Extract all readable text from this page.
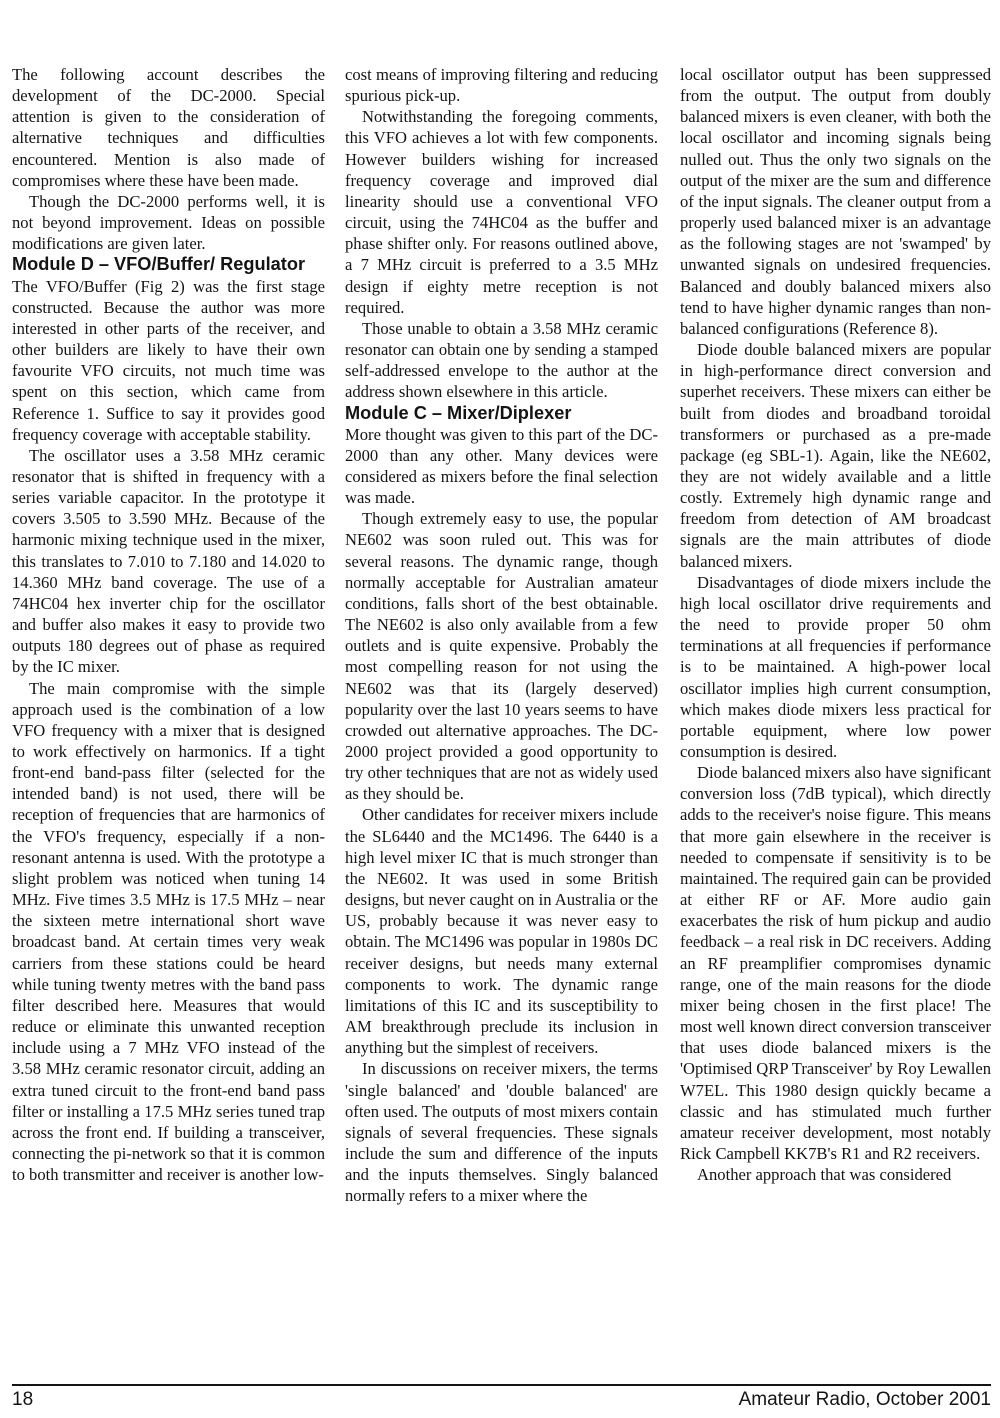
The following account describes the development of the DC-2000. Special attention is given to the consideration of alternative techniques and difficulties encountered. Mention is also made of compromises where these have been made.

Though the DC-2000 performs well, it is not beyond improvement. Ideas on possible modifications are given later.

Module D – VFO/Buffer/ Regulator

The VFO/Buffer (Fig 2) was the first stage constructed. Because the author was more interested in other parts of the receiver, and other builders are likely to have their own favourite VFO circuits, not much time was spent on this section, which came from Reference 1. Suffice to say it provides good frequency coverage with acceptable stability.

The oscillator uses a 3.58 MHz ceramic resonator that is shifted in frequency with a series variable capacitor. In the prototype it covers 3.505 to 3.590 MHz. Because of the harmonic mixing technique used in the mixer, this translates to 7.010 to 7.180 and 14.020 to 14.360 MHz band coverage. The use of a 74HC04 hex inverter chip for the oscillator and buffer also makes it easy to provide two outputs 180 degrees out of phase as required by the IC mixer.

The main compromise with the simple approach used is the combination of a low VFO frequency with a mixer that is designed to work effectively on harmonics. If a tight front-end band-pass filter (selected for the intended band) is not used, there will be reception of frequencies that are harmonics of the VFO's frequency, especially if a non-resonant antenna is used. With the prototype a slight problem was noticed when tuning 14 MHz. Five times 3.5 MHz is 17.5 MHz – near the sixteen metre international short wave broadcast band. At certain times very weak carriers from these stations could be heard while tuning twenty metres with the band pass filter described here. Measures that would reduce or eliminate this unwanted reception include using a 7 MHz VFO instead of the 3.58 MHz ceramic resonator circuit, adding an extra tuned circuit to the front-end band pass filter or installing a 17.5 MHz series tuned trap across the front end. If building a transceiver, connecting the pi-network so that it is common to both transmitter and receiver is another low-

cost means of improving filtering and reducing spurious pick-up.

Notwithstanding the foregoing comments, this VFO achieves a lot with few components. However builders wishing for increased frequency coverage and improved dial linearity should use a conventional VFO circuit, using the 74HC04 as the buffer and phase shifter only. For reasons outlined above, a 7 MHz circuit is preferred to a 3.5 MHz design if eighty metre reception is not required.

Those unable to obtain a 3.58 MHz ceramic resonator can obtain one by sending a stamped self-addressed envelope to the author at the address shown elsewhere in this article.

Module C – Mixer/Diplexer

More thought was given to this part of the DC-2000 than any other. Many devices were considered as mixers before the final selection was made.

Though extremely easy to use, the popular NE602 was soon ruled out. This was for several reasons. The dynamic range, though normally acceptable for Australian amateur conditions, falls short of the best obtainable. The NE602 is also only available from a few outlets and is quite expensive. Probably the most compelling reason for not using the NE602 was that its (largely deserved) popularity over the last 10 years seems to have crowded out alternative approaches. The DC-2000 project provided a good opportunity to try other techniques that are not as widely used as they should be.

Other candidates for receiver mixers include the SL6440 and the MC1496. The 6440 is a high level mixer IC that is much stronger than the NE602. It was used in some British designs, but never caught on in Australia or the US, probably because it was never easy to obtain. The MC1496 was popular in 1980s DC receiver designs, but needs many external components to work. The dynamic range limitations of this IC and its susceptibility to AM breakthrough preclude its inclusion in anything but the simplest of receivers.

In discussions on receiver mixers, the terms 'single balanced' and 'double balanced' are often used. The outputs of most mixers contain signals of several frequencies. These signals include the sum and difference of the inputs and the inputs themselves. Singly balanced normally refers to a mixer where the

local oscillator output has been suppressed from the output. The output from doubly balanced mixers is even cleaner, with both the local oscillator and incoming signals being nulled out. Thus the only two signals on the output of the mixer are the sum and difference of the input signals. The cleaner output from a properly used balanced mixer is an advantage as the following stages are not 'swamped' by unwanted signals on undesired frequencies. Balanced and doubly balanced mixers also tend to have higher dynamic ranges than non-balanced configurations (Reference 8).

Diode double balanced mixers are popular in high-performance direct conversion and superhet receivers. These mixers can either be built from diodes and broadband toroidal transformers or purchased as a pre-made package (eg SBL-1). Again, like the NE602, they are not widely available and a little costly. Extremely high dynamic range and freedom from detection of AM broadcast signals are the main attributes of diode balanced mixers.

Disadvantages of diode mixers include the high local oscillator drive requirements and the need to provide proper 50 ohm terminations at all frequencies if performance is to be maintained. A high-power local oscillator implies high current consumption, which makes diode mixers less practical for portable equipment, where low power consumption is desired.

Diode balanced mixers also have significant conversion loss (7dB typical), which directly adds to the receiver's noise figure. This means that more gain elsewhere in the receiver is needed to compensate if sensitivity is to be maintained. The required gain can be provided at either RF or AF. More audio gain exacerbates the risk of hum pickup and audio feedback – a real risk in DC receivers. Adding an RF preamplifier compromises dynamic range, one of the main reasons for the diode mixer being chosen in the first place! The most well known direct conversion transceiver that uses diode balanced mixers is the 'Optimised QRP Transceiver' by Roy Lewallen W7EL. This 1980 design quickly became a classic and has stimulated much further amateur receiver development, most notably Rick Campbell KK7B's R1 and R2 receivers.

Another approach that was considered

18	Amateur Radio, October 2001
